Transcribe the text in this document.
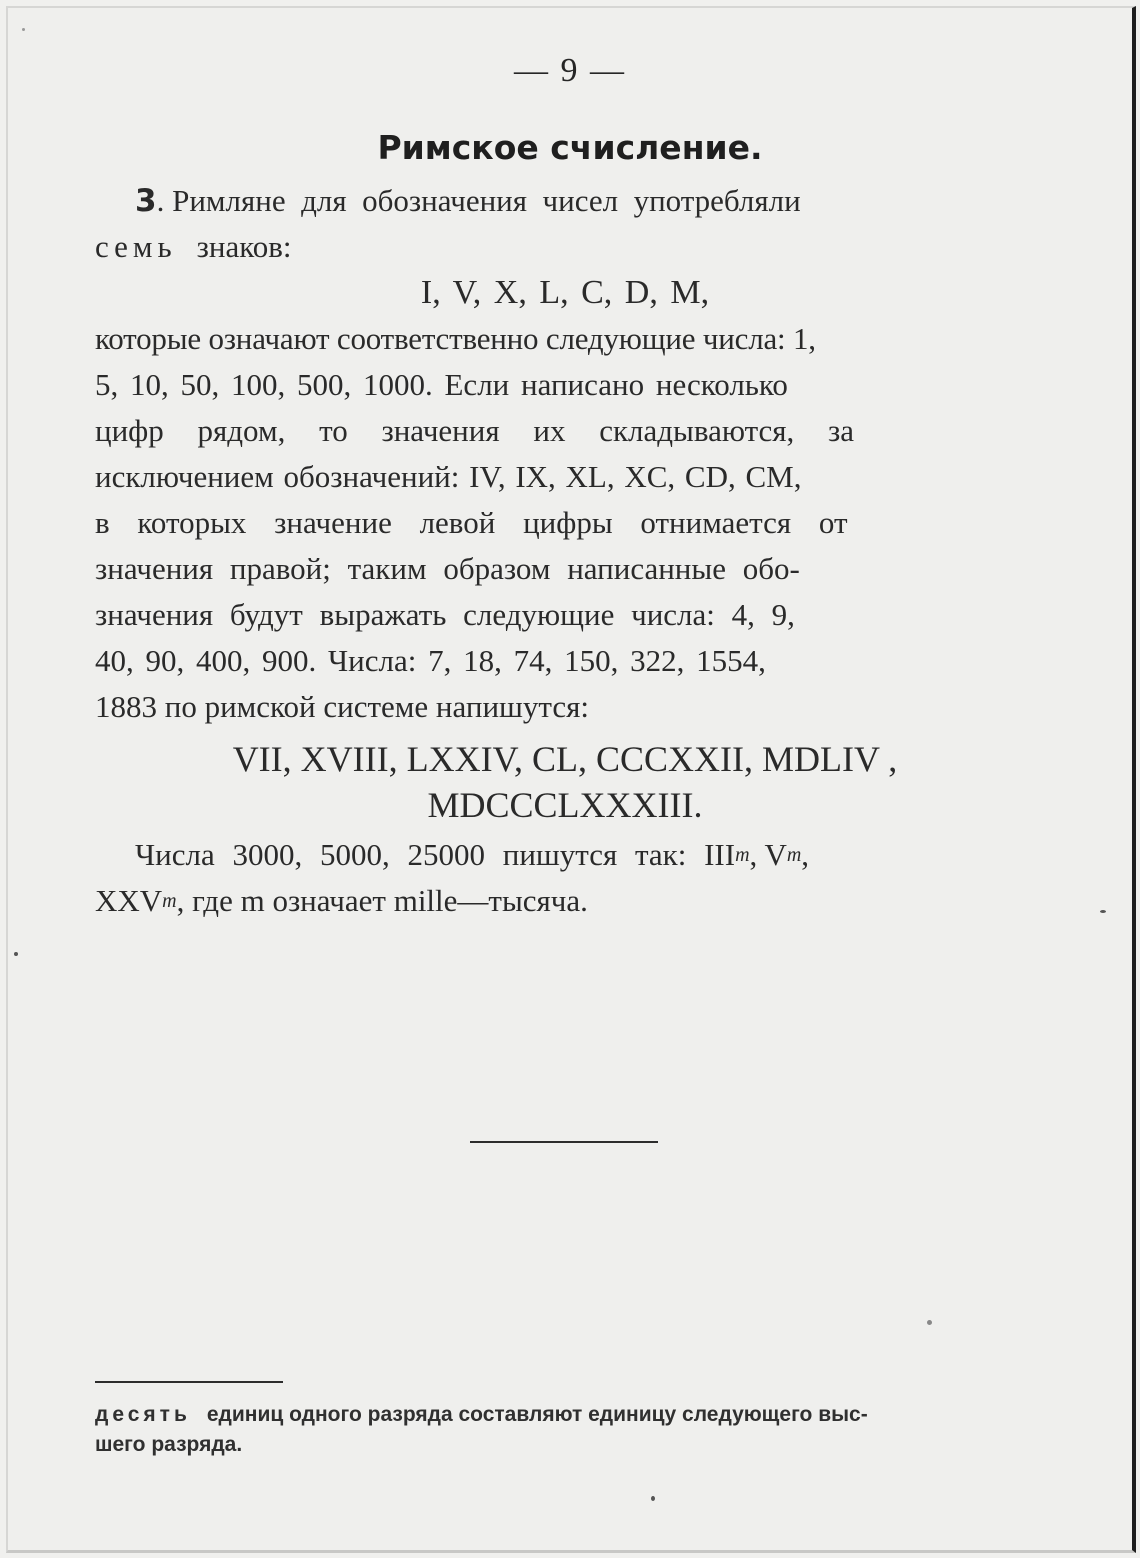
— 9 —
Римское счисление.
3 . Римляне  для  обозначения  чисел  употребляли
семь знаков:
I, V, X, L, C, D, M,
которые означают соответственно следующие числа: 1,
5, 10, 50, 100, 500, 1000. Если написано несколько
цифр рядом, то значения их складываются, за
исключением обозначений: IV, IX, XL, XC, CD, CM,
в которых значение левой цифры отнимается от
значения правой; таким образом написанные обо-
значения будут выражать следующие числа: 4, 9,
40, 90, 400, 900. Числа: 7, 18, 74, 150, 322, 1554,
1883 по римской системе напишутся:
VII, XVIII, LXXIV, CL, CCCXXII, MDLIV ,
MDCCCLXXXIII.
Числа 3000, 5000, 25000 пишутся так: III m , V m ,
XXV m , где m означает mille—тысяча.
десять единиц одного разряда составляют единицу следующего выс-
шего разряда.
